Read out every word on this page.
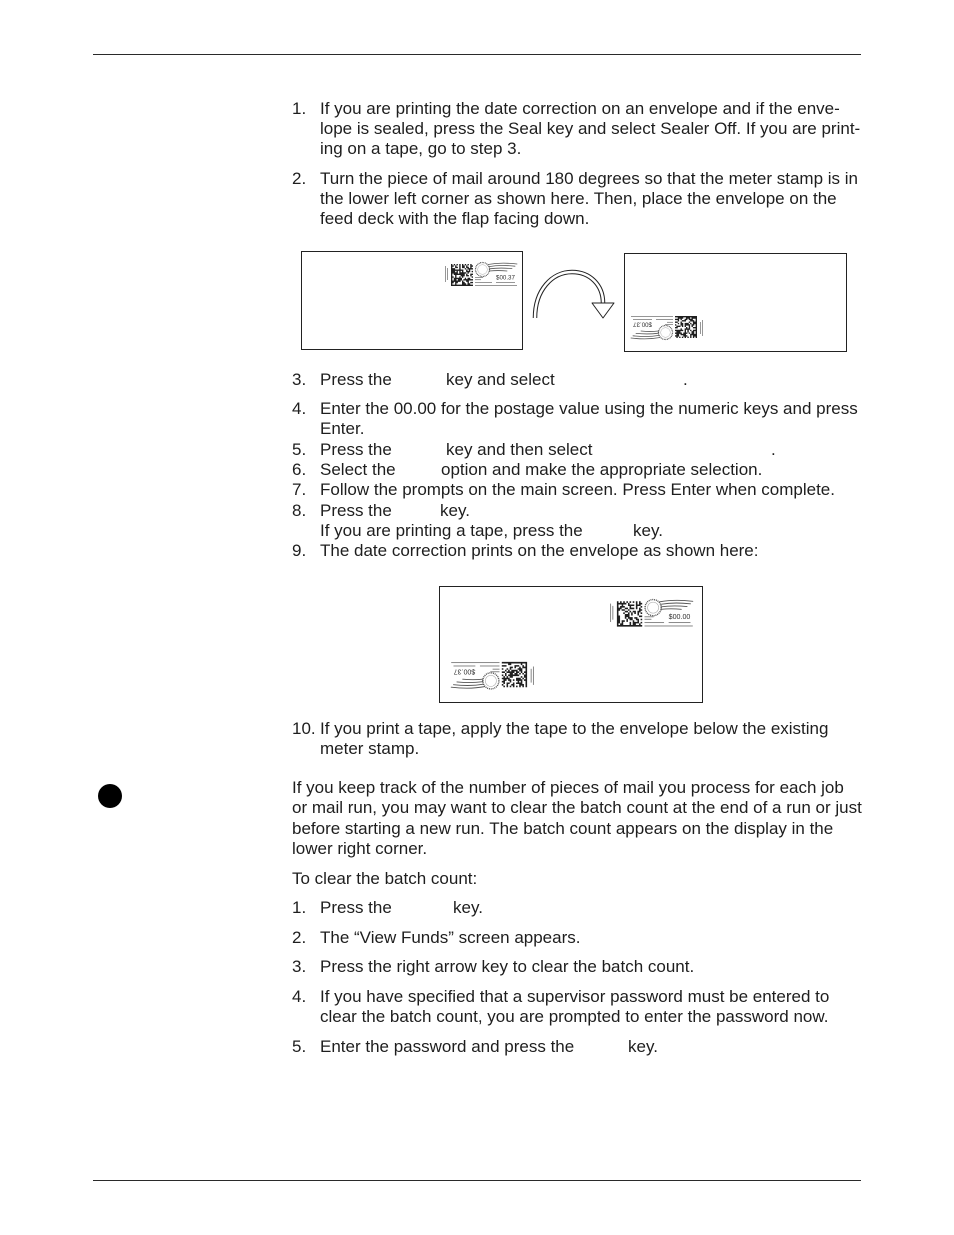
1. If you are printing the date correction on an envelope and if the enve-
lope is sealed, press the Seal key and select Sealer Off. If you are print-
ing on a tape, go to step 3.
2. Turn the piece of mail around 180 degrees so that the meter stamp is in
the lower left corner as shown here. Then, place the envelope on the
feed deck with the flap facing down.
$00.37
$00.37
3. Press the	key and select	.
4. Enter the 00.00 for the postage value using the numeric keys and press
Enter.
5. Press the	key and then select	.
6. Select the	option and make the appropriate selection.
7. Follow the prompts on the main screen. Press Enter when complete.
8. Press the	key.
If you are printing a tape, press the	key.
9. The date correction prints on the envelope as shown here:
$00.00
$00.37
10. If you print a tape, apply the tape to the envelope below the existing
meter stamp.
If you keep track of the number of pieces of mail you process for each job
or mail run, you may want to clear the batch count at the end of a run or just
before starting a new run. The batch count appears on the display in the
lower right corner.
To clear the batch count:
1. Press the	key.
2. The “View Funds” screen appears.
3. Press the right arrow key to clear the batch count.
4. If you have specified that a supervisor password must be entered to
clear the batch count, you are prompted to enter the password now.
5. Enter the password and press the	key.
